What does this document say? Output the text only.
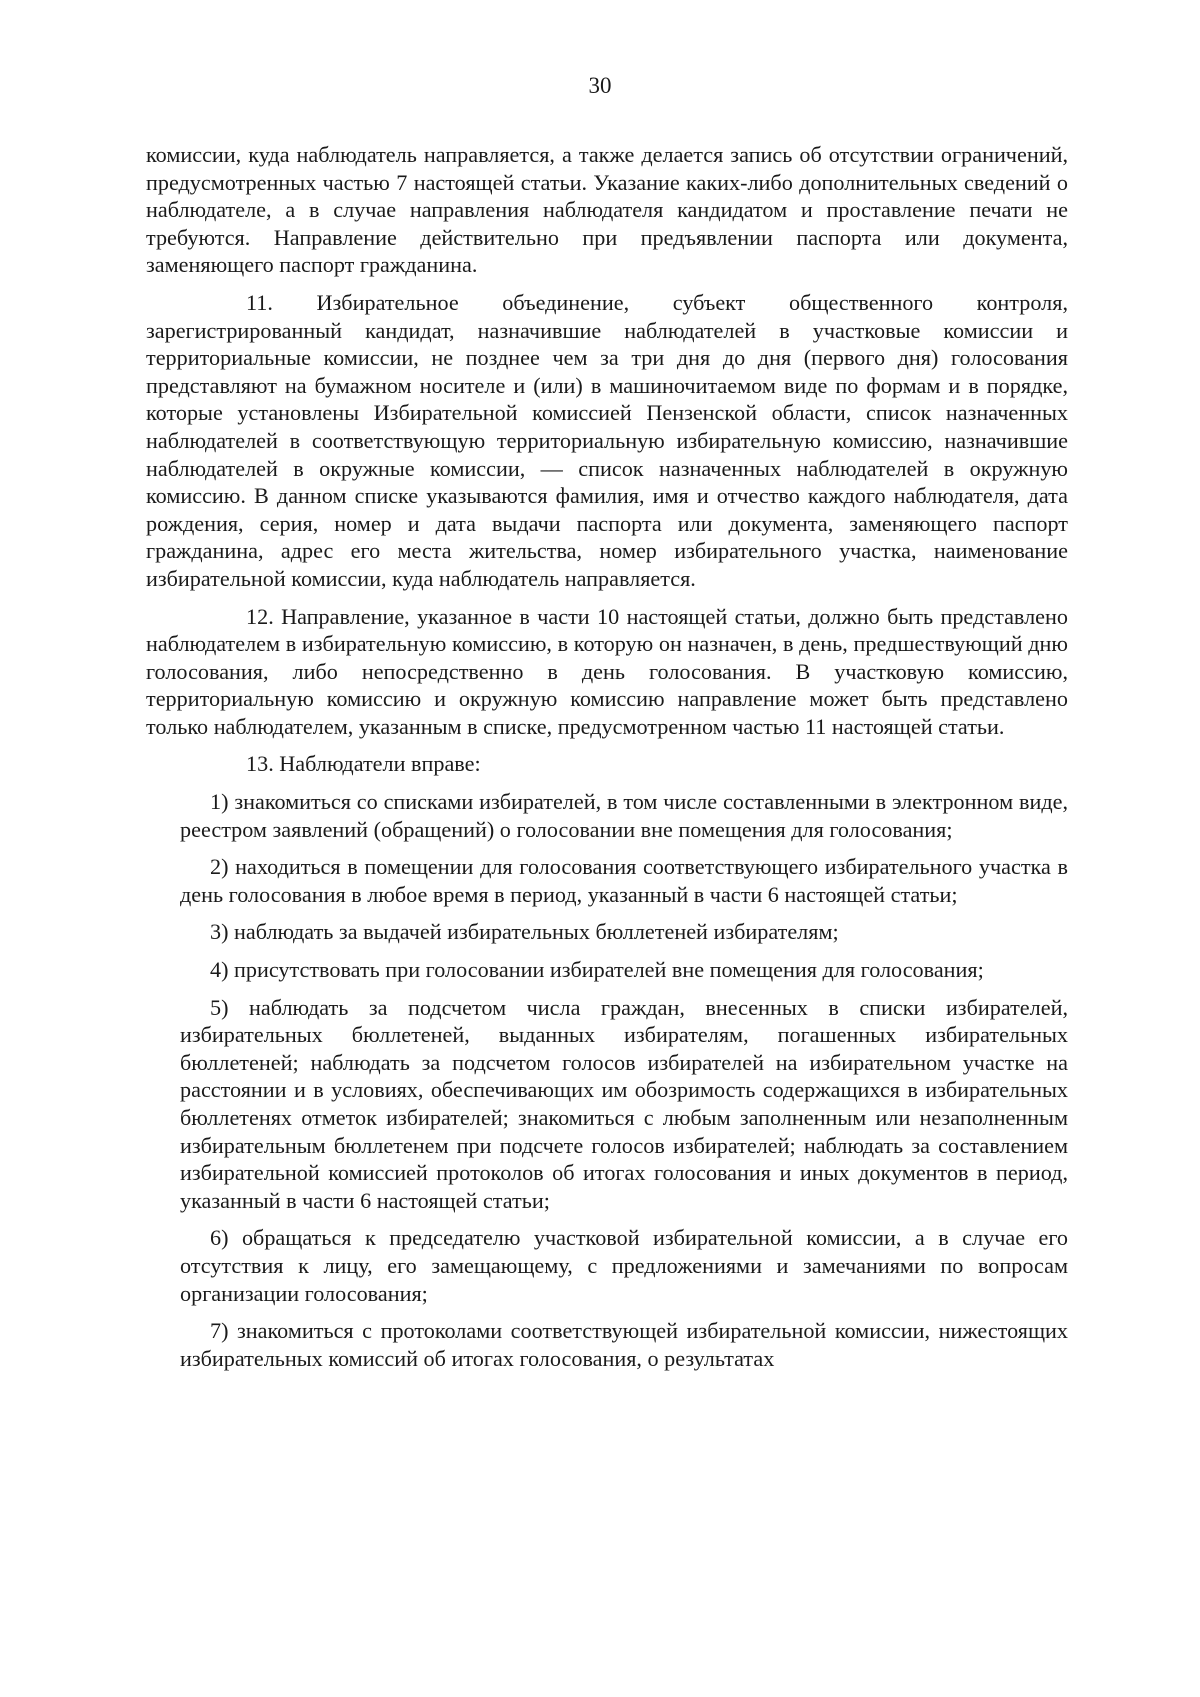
30

комиссии, куда наблюдатель направляется, а также делается запись об отсутствии ограничений, предусмотренных частью 7 настоящей статьи. Указание каких-либо дополнительных сведений о наблюдателе, а в случае направления наблюдателя кандидатом и проставление печати не требуются. Направление действительно при предъявлении паспорта или документа, заменяющего паспорт гражданина.

11. Избирательное объединение, субъект общественного контроля, зарегистрированный кандидат, назначившие наблюдателей в участковые комиссии и территориальные комиссии, не позднее чем за три дня до дня (первого дня) голосования представляют на бумажном носителе и (или) в машиночитаемом виде по формам и в порядке, которые установлены Избирательной комиссией Пензенской области, список назначенных наблюдателей в соответствующую территориальную избирательную комиссию, назначившие наблюдателей в окружные комиссии, — список назначенных наблюдателей в окружную комиссию. В данном списке указываются фамилия, имя и отчество каждого наблюдателя, дата рождения, серия, номер и дата выдачи паспорта или документа, заменяющего паспорт гражданина, адрес его места жительства, номер избирательного участка, наименование избирательной комиссии, куда наблюдатель направляется.

12. Направление, указанное в части 10 настоящей статьи, должно быть представлено наблюдателем в избирательную комиссию, в которую он назначен, в день, предшествующий дню голосования, либо непосредственно в день голосования. В участковую комиссию, территориальную комиссию и окружную комиссию направление может быть представлено только наблюдателем, указанным в списке, предусмотренном частью 11 настоящей статьи.

13. Наблюдатели вправе:

1) знакомиться со списками избирателей, в том числе составленными в электронном виде, реестром заявлений (обращений) о голосовании вне помещения для голосования;

2) находиться в помещении для голосования соответствующего избирательного участка в день голосования в любое время в период, указанный в части 6 настоящей статьи;

3) наблюдать за выдачей избирательных бюллетеней избирателям;

4) присутствовать при голосовании избирателей вне помещения для голосования;

5) наблюдать за подсчетом числа граждан, внесенных в списки избирателей, избирательных бюллетеней, выданных избирателям, погашенных избирательных бюллетеней; наблюдать за подсчетом голосов избирателей на избирательном участке на расстоянии и в условиях, обеспечивающих им обозримость содержащихся в избирательных бюллетенях отметок избирателей; знакомиться с любым заполненным или незаполненным избирательным бюллетенем при подсчете голосов избирателей; наблюдать за составлением избирательной комиссией протоколов об итогах голосования и иных документов в период, указанный в части 6 настоящей статьи;

6) обращаться к председателю участковой избирательной комиссии, а в случае его отсутствия к лицу, его замещающему, с предложениями и замечаниями по вопросам организации голосования;

7) знакомиться с протоколами соответствующей избирательной комиссии, нижестоящих избирательных комиссий об итогах голосования, о результатах
